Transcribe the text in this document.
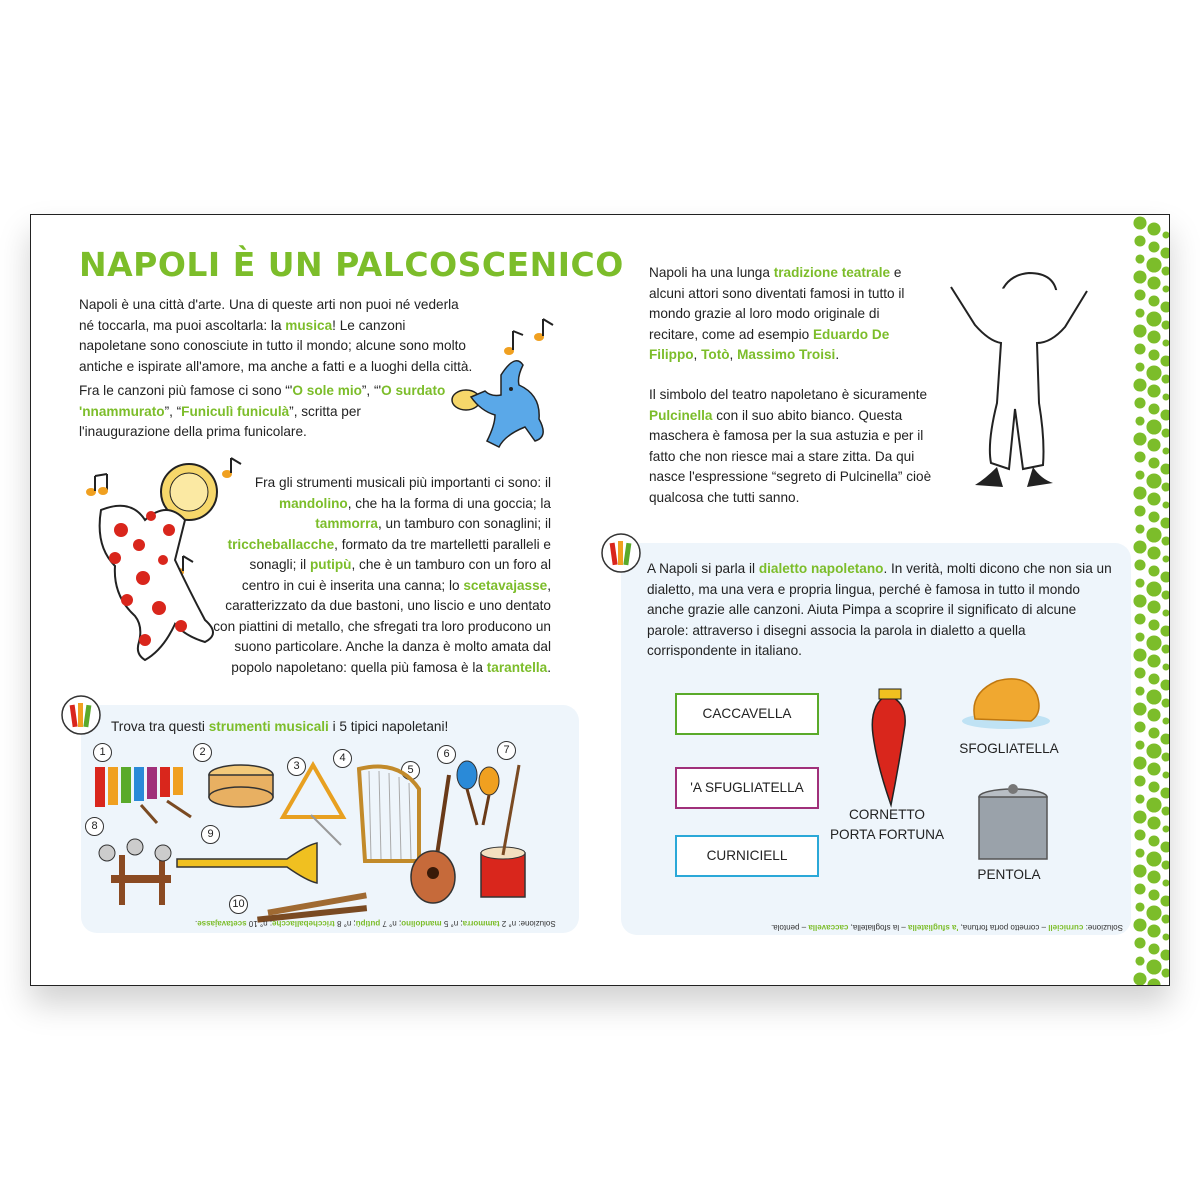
NAPOLI È UN PALCOSCENICO

Napoli è una città d'arte. Una di queste arti non puoi né vederla né toccarla, ma puoi ascoltarla: la musica! Le canzoni napoletane sono conosciute in tutto il mondo; alcune sono molto antiche e ispirate all'amore, ma anche a fatti e a luoghi della città.

Fra le canzoni più famose ci sono “'O sole mio”, “'O surdato 'nnammurato”, “Funiculì funiculà”, scritta per l'inaugurazione della prima funicolare.

Fra gli strumenti musicali più importanti ci sono: il mandolino, che ha la forma di una goccia; la tammorra, un tamburo con sonaglini; il triccheballacche, formato da tre martelletti paralleli e sonagli; il putipù, che è un tamburo con un foro al centro in cui è inserita una canna; lo scetavajasse, caratterizzato da due bastoni, uno liscio e uno dentato con piattini di metallo, che sfregati tra loro producono un suono particolare. Anche la danza è molto amata dal popolo napoletano: quella più famosa è la tarantella.

Trova tra questi strumenti musicali i 5 tipici napoletani!

1	2
3
4
5
6	7
8
9
10
Soluzione: n° 2 tammorra; n° 5 mandolino; n° 7 putipù; n° 8 triccheballacche; n° 10 scetavajasse.

Napoli ha una lunga tradizione teatrale e alcuni attori sono diventati famosi in tutto il mondo grazie al loro modo originale di recitare, come ad esempio Eduardo De Filippo, Totò, Massimo Troisi.

Il simbolo del teatro napoletano è sicuramente Pulcinella con il suo abito bianco. Questa maschera è famosa per la sua astuzia e per il fatto che non riesce mai a stare zitta. Da qui nasce l'espressione “segreto di Pulcinella” cioè qualcosa che tutti sanno.

A Napoli si parla il dialetto napoletano. In verità, molti dicono che non sia un dialetto, ma una vera e propria lingua, perché è famosa in tutto il mondo anche grazie alle canzoni. Aiuta Pimpa a scoprire il significato di alcune parole: attraverso i disegni associa la parola in dialetto a quella corrispondente in italiano.

CACCAVELLA
'A SFUGLIATELLA
CURNICIELL
CORNETTO
PORTA FORTUNA
SFOGLIATELLA
PENTOLA
Soluzione: curniciell – cornetto porta fortuna, 'a sfugliatella – la sfogliatella, caccavella – pentola.
